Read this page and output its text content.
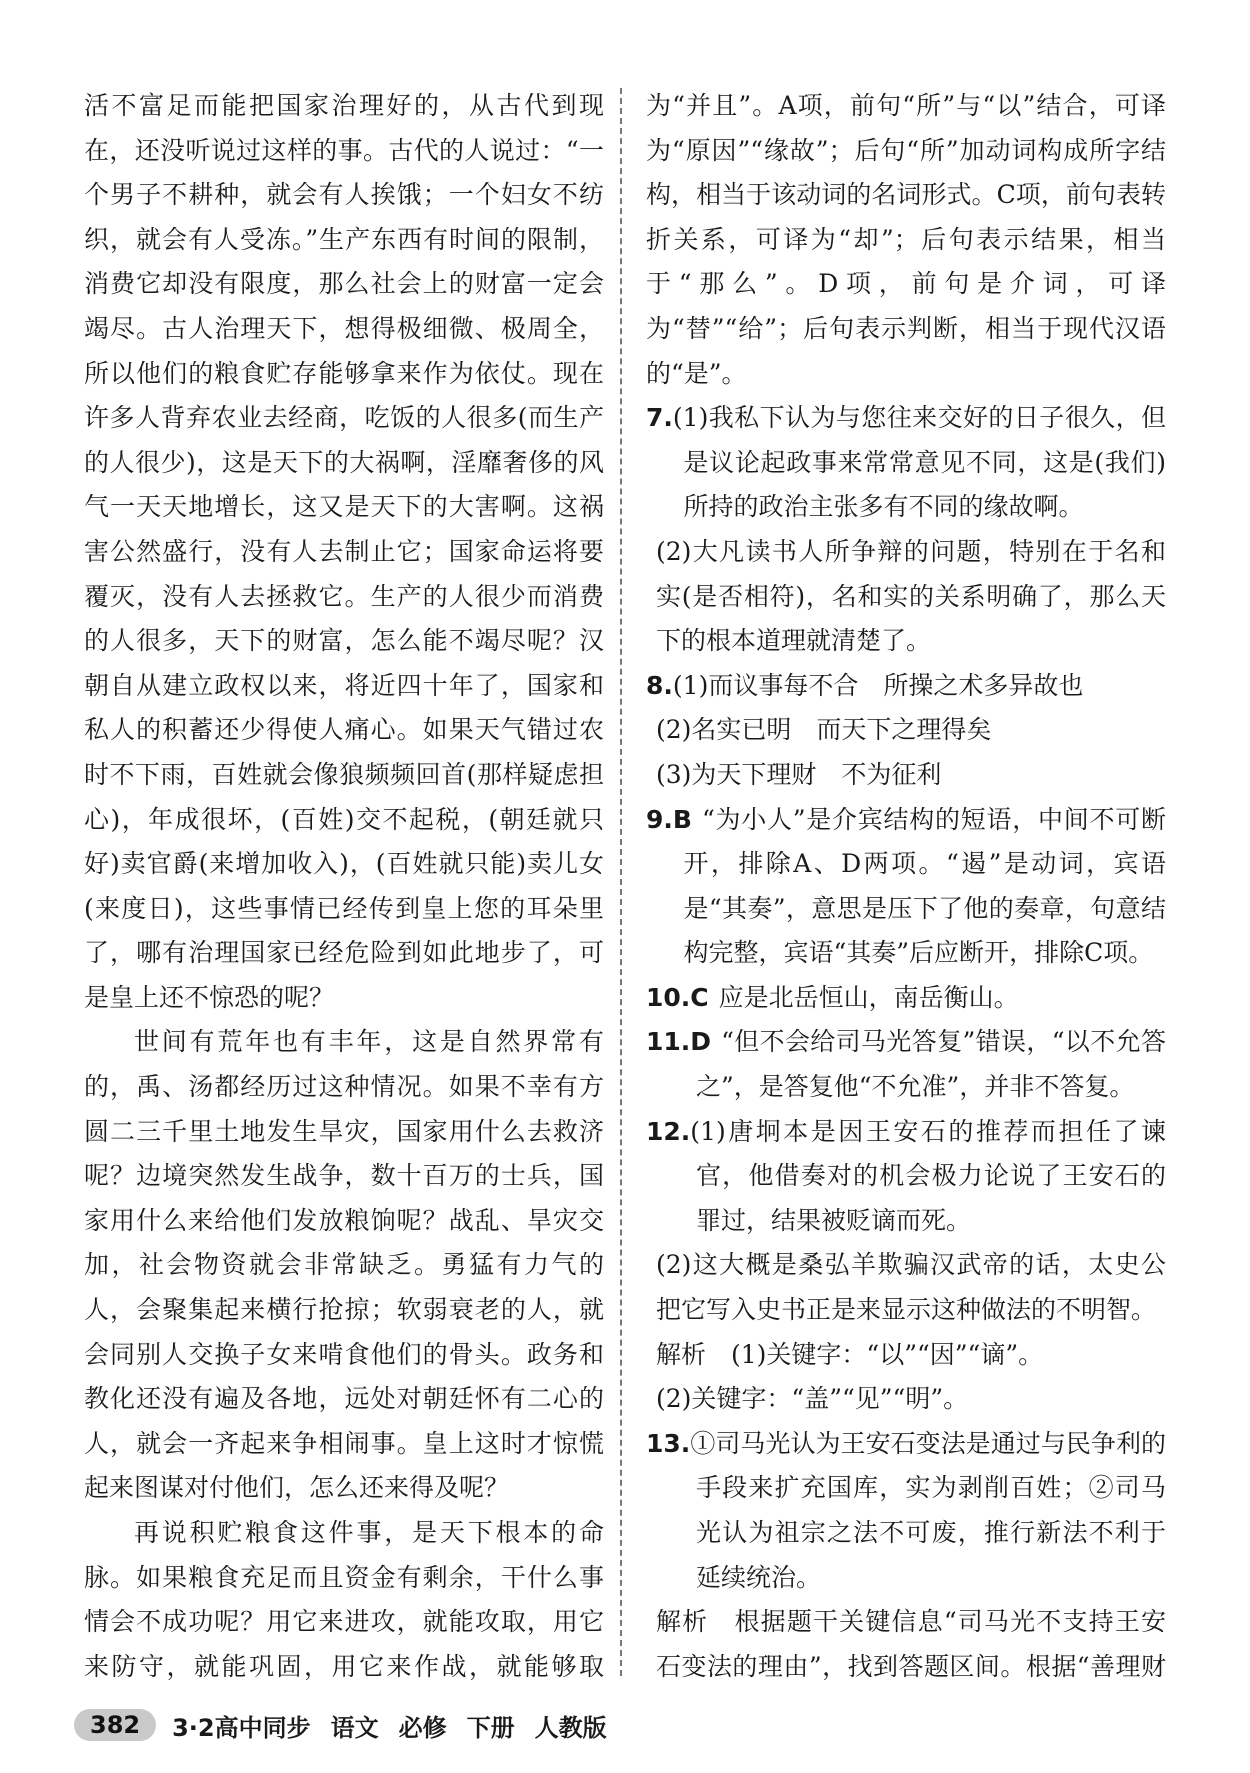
活不富足而能把国家治理好的，从古代到现在，还没听说过这样的事。古代的人说过：“一个男子不耕种，就会有人挨饿；一个妇女不纺织，就会有人受冻。”生产东西有时间的限制，消费它却没有限度，那么社会上的财富一定会竭尽。古人治理天下，想得极细微、极周全，所以他们的粮食贮存能够拿来作为依仗。现在许多人背弃农业去经商，吃饭的人很多(而生产的人很少)，这是天下的大祸啊，淫靡奢侈的风气一天天地增长，这又是天下的大害啊。这祸害公然盛行，没有人去制止它；国家命运将要覆灭，没有人去拯救它。生产的人很少而消费的人很多，天下的财富，怎么能不竭尽呢？汉朝自从建立政权以来，将近四十年了，国家和私人的积蓄还少得使人痛心。如果天气错过农时不下雨，百姓就会像狼频频回首(那样疑虑担心)，年成很坏，(百姓)交不起税，(朝廷就只好)卖官爵(来增加收入)，(百姓就只能)卖儿女(来度日)，这些事情已经传到皇上您的耳朵里了，哪有治理国家已经危险到如此地步了，可是皇上还不惊恐的呢？

世间有荒年也有丰年，这是自然界常有的，禹、汤都经历过这种情况。如果不幸有方圆二三千里土地发生旱灾，国家用什么去救济呢？边境突然发生战争，数十百万的士兵，国家用什么来给他们发放粮饷呢？战乱、旱灾交加，社会物资就会非常缺乏。勇猛有力气的人，会聚集起来横行抢掠；软弱衰老的人，就会同别人交换子女来啃食他们的骨头。政务和教化还没有遍及各地，远处对朝廷怀有二心的人，就会一齐起来争相闹事。皇上这时才惊慌起来图谋对付他们，怎么还来得及呢？

再说积贮粮食这件事，是天下根本的命脉。如果粮食充足而且资金有剩余，干什么事情会不成功呢？用它来进攻，就能攻取，用它来防守，就能巩固，用它来作战，就能够取

为“并且”。A项，前句“所”与“以”结合，可译为“原因”“缘故”；后句“所”加动词构成所字结构，相当于该动词的名词形式。C项，前句表转折关系，可译为“却”；后句表示结果，相当于“那么”。D项，前句是介词，可译为“替”“给”；后句表示判断，相当于现代汉语的“是”。

7.(1)我私下认为与您往来交好的日子很久，但是议论起政事来常常意见不同，这是(我们)所持的政治主张多有不同的缘故啊。

(2)大凡读书人所争辩的问题，特别在于名和实(是否相符)，名和实的关系明确了，那么天下的根本道理就清楚了。

8.(1)而议事每不合　所操之术多异故也

(2)名实已明　而天下之理得矣

(3)为天下理财　不为征利

9.B “为小人”是介宾结构的短语，中间不可断开，排除A、D两项。“遏”是动词，宾语是“其奏”，意思是压下了他的奏章，句意结构完整，宾语“其奏”后应断开，排除C项。

10.C 应是北岳恒山，南岳衡山。

11.D “但不会给司马光答复”错误，“以不允答之”，是答复他“不允准”，并非不答复。

12.(1)唐坰本是因王安石的推荐而担任了谏官，他借奏对的机会极力论说了王安石的罪过，结果被贬谪而死。

(2)这大概是桑弘羊欺骗汉武帝的话，太史公把它写入史书正是来显示这种做法的不明智。

解析　(1)关键字：“以”“因”“谪”。

(2)关键字：“盖”“见”“明”。

13.①司马光认为王安石变法是通过与民争利的手段来扩充国库，实为剥削百姓；②司马光认为祖宗之法不可废，推行新法不利于延续统治。

解析　根据题干关键信息“司马光不支持王安石变法的理由”，找到答题区间。根据“善理财

382	3·2高中同步 语文 必修 下册 人教版
